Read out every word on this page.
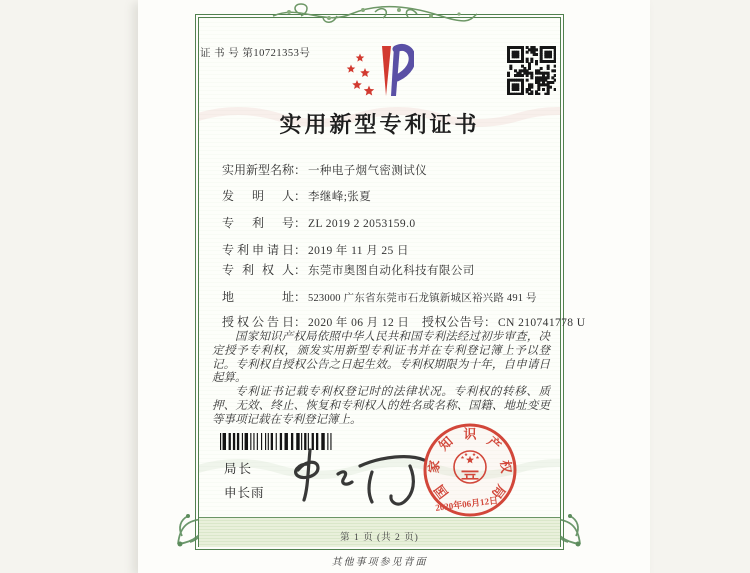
第 1 页 (共 2 页)
其他事项参见背面
证 书 号 第10721353号
实用新型专利证书
实用新型名称： 一种电子烟气密测试仪
发明人： 李继峰;张夏
专利号： ZL 2019 2 2053159.0
专利申请日： 2019 年 11 月 25 日
专利权人： 东莞市奥图自动化科技有限公司
地址： 523000 广东省东莞市石龙镇新城区裕兴路 491 号
授权公告日： 2020 年 06 月 12 日 授权公告号： CN 210741778 U

国家知识产权局依照中华人民共和国专利法经过初步审查，决定授予专利权，颁发实用新型专利证书并在专利登记簿上予以登记。专利权自授权公告之日起生效。专利权期限为十年，自申请日起算。

专利证书记载专利权登记时的法律状况。专利权的转移、质押、无效、终止、恢复和专利权人的姓名或名称、国籍、地址变更等事项记载在专利登记簿上。

局长
申长雨	国
家
知 识 产
权
局
2020年06月12日
